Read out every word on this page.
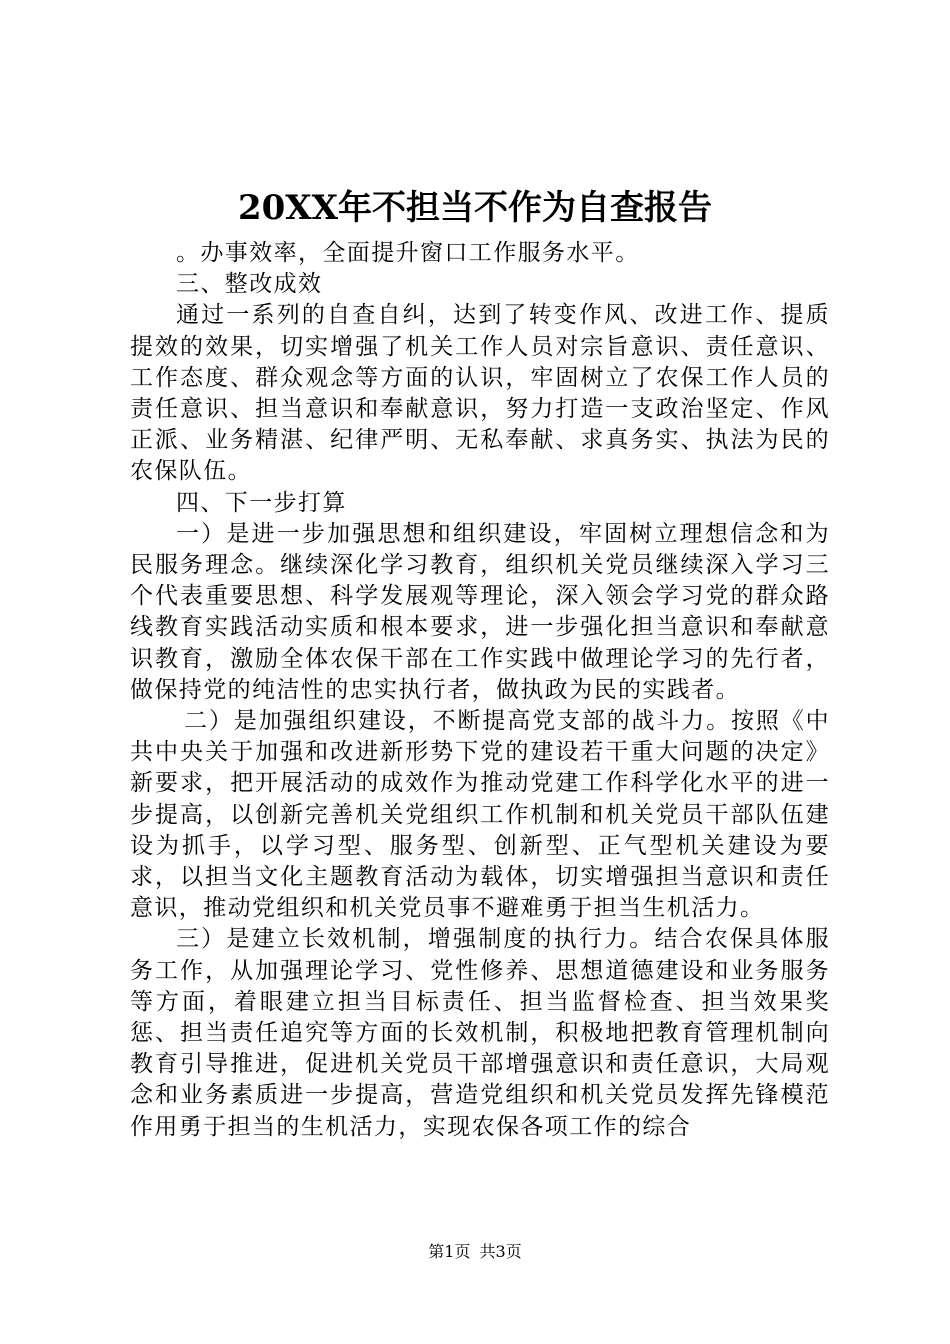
20XX年不担当不作为自查报告

。办事效率，全面提升窗口工作服务水平。

三、整改成效

通过一系列的自查自纠，达到了转变作风、改进工作、提质提效的效果，切实增强了机关工作人员对宗旨意识、责任意识、工作态度、群众观念等方面的认识，牢固树立了农保工作人员的责任意识、担当意识和奉献意识，努力打造一支政治坚定、作风正派、业务精湛、纪律严明、无私奉献、求真务实、执法为民的农保队伍。

四、下一步打算

一）是进一步加强思想和组织建设，牢固树立理想信念和为民服务理念。继续深化学习教育，组织机关党员继续深入学习三个代表重要思想、科学发展观等理论，深入领会学习党的群众路线教育实践活动实质和根本要求，进一步强化担当意识和奉献意识教育，激励全体农保干部在工作实践中做理论学习的先行者，做保持党的纯洁性的忠实执行者，做执政为民的实践者。

二）是加强组织建设，不断提高党支部的战斗力。按照《中共中央关于加强和改进新形势下党的建设若干重大问题的决定》新要求，把开展活动的成效作为推动党建工作科学化水平的进一步提高，以创新完善机关党组织工作机制和机关党员干部队伍建设为抓手，以学习型、服务型、创新型、正气型机关建设为要求，以担当文化主题教育活动为载体，切实增强担当意识和责任意识，推动党组织和机关党员事不避难勇于担当生机活力。

三）是建立长效机制，增强制度的执行力。结合农保具体服务工作，从加强理论学习、党性修养、思想道德建设和业务服务等方面，着眼建立担当目标责任、担当监督检查、担当效果奖惩、担当责任追究等方面的长效机制，积极地把教育管理机制向教育引导推进，促进机关党员干部增强意识和责任意识，大局观念和业务素质进一步提高，营造党组织和机关党员发挥先锋模范作用勇于担当的生机活力，实现农保各项工作的综合

第1页 共3页
